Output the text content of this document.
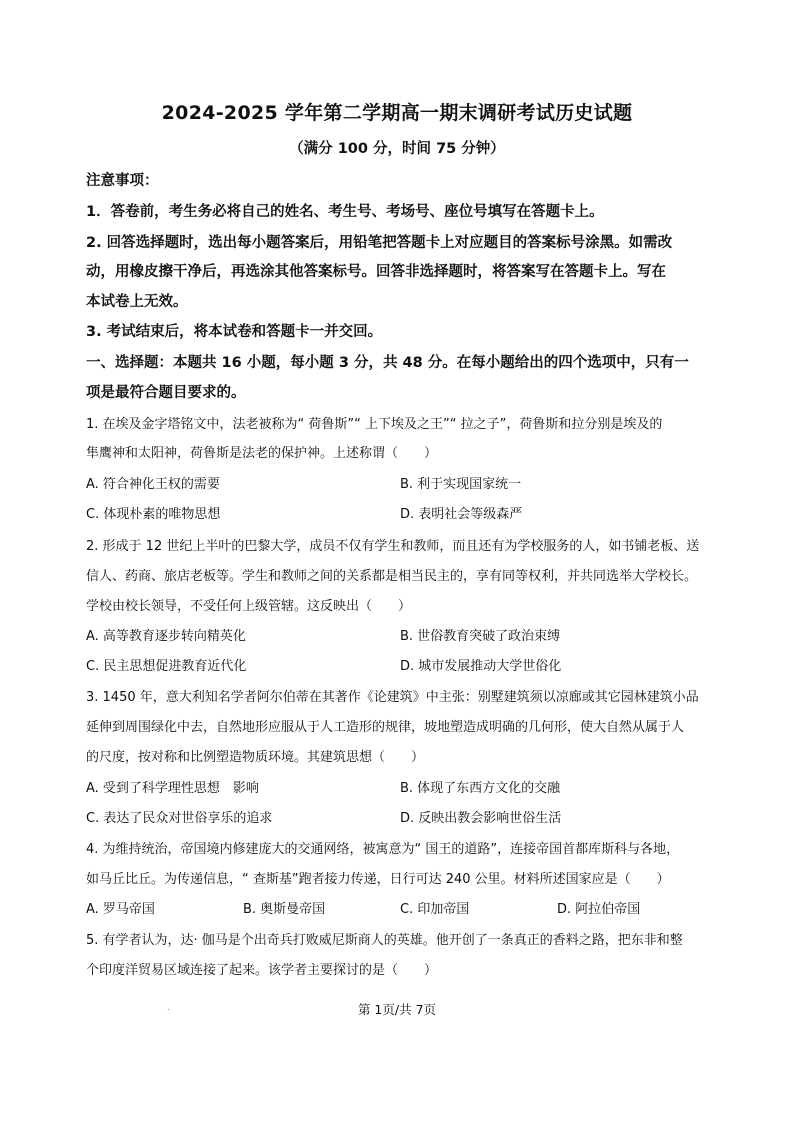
2024-2025 学年第二学期高一期末调研考试历史试题
（满分 100 分，时间 75 分钟）
注意事项：
1．答卷前，考生务必将自己的姓名、考生号、考场号、座位号填写在答题卡上。
2. 回答选择题时，选出每小题答案后，用铅笔把答题卡上对应题目的答案标号涂黑。如需改
动，用橡皮擦干净后，再选涂其他答案标号。回答非选择题时，将答案写在答题卡上。写在
本试卷上无效。
3. 考试结束后，将本试卷和答题卡一并交回。
一、选择题：本题共 16 小题，每小题 3 分，共 48 分。在每小题给出的四个选项中，只有一
项是最符合题目要求的。
1. 在埃及金字塔铭文中，法老被称为“ 荷鲁斯”“ 上下埃及之王”“ 拉之子”，荷鲁斯和拉分别是埃及的
隼鹰神和太阳神，荷鲁斯是法老的保护神。上述称谓（　　）
A. 符合神化王权的需要	B. 利于实现国家统一
C. 体现朴素的唯物思想	D. 表明社会等级森严
2. 形成于 12 世纪上半叶的巴黎大学，成员不仅有学生和教师，而且还有为学校服务的人，如书铺老板、送
信人、药商、旅店老板等。学生和教师之间的关系都是相当民主的，享有同等权利，并共同选举大学校长。
学校由校长领导，不受任何上级管辖。这反映出（　　）
A. 高等教育逐步转向精英化	B. 世俗教育突破了政治束缚
C. 民主思想促进教育近代化	D. 城市发展推动大学世俗化
3. 1450 年，意大利知名学者阿尔伯蒂在其著作《论建筑》中主张：别墅建筑须以凉廊或其它园林建筑小品
延伸到周围绿化中去，自然地形应服从于人工造形的规律，坡地塑造成明确的几何形，使大自然从属于人
的尺度，按对称和比例塑造物质环境。其建筑思想（　　）
A. 受到了科学理性思想　影响	B. 体现了东西方文化的交融
C. 表达了民众对世俗享乐的追求	D. 反映出教会影响世俗生活
4. 为维持统治，帝国境内修建庞大的交通网络，被寓意为“ 国王的道路”，连接帝国首都库斯科与各地，
如马丘比丘。为传递信息，“ 查斯基”跑者接力传递，日行可达 240 公里。材料所述国家应是（　　）
A. 罗马帝国	B. 奥斯曼帝国	C. 印加帝国	D. 阿拉伯帝国
5. 有学者认为，达· 伽马是个出奇兵打败威尼斯商人的英雄。他开创了一条真正的香料之路，把东非和整
个印度洋贸易区域连接了起来。该学者主要探讨的是（　　）
.	第 1页/共 7页
